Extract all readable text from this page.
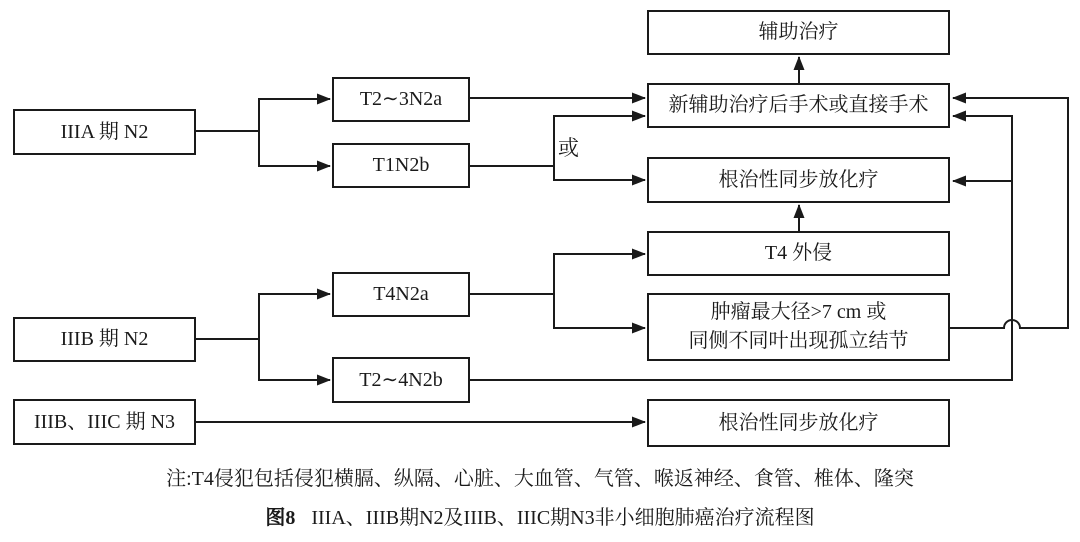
IIIA 期 N2
T2∼3N2a
T1N2b
辅助治疗
新辅助治疗后手术或直接手术
根治性同步放化疗
T4 外侵
肿瘤最大径>7 cm 或
同侧不同叶出现孤立结节
T4N2a
IIIB 期 N2
T2∼4N2b
IIIB、IIIC 期 N3	根治性同步放化疗
或
注:T4侵犯包括侵犯横膈、纵隔、心脏、大血管、气管、喉返神经、食管、椎体、隆突
图8 IIIA、IIIB期N2及IIIB、IIIC期N3非小细胞肺癌治疗流程图
